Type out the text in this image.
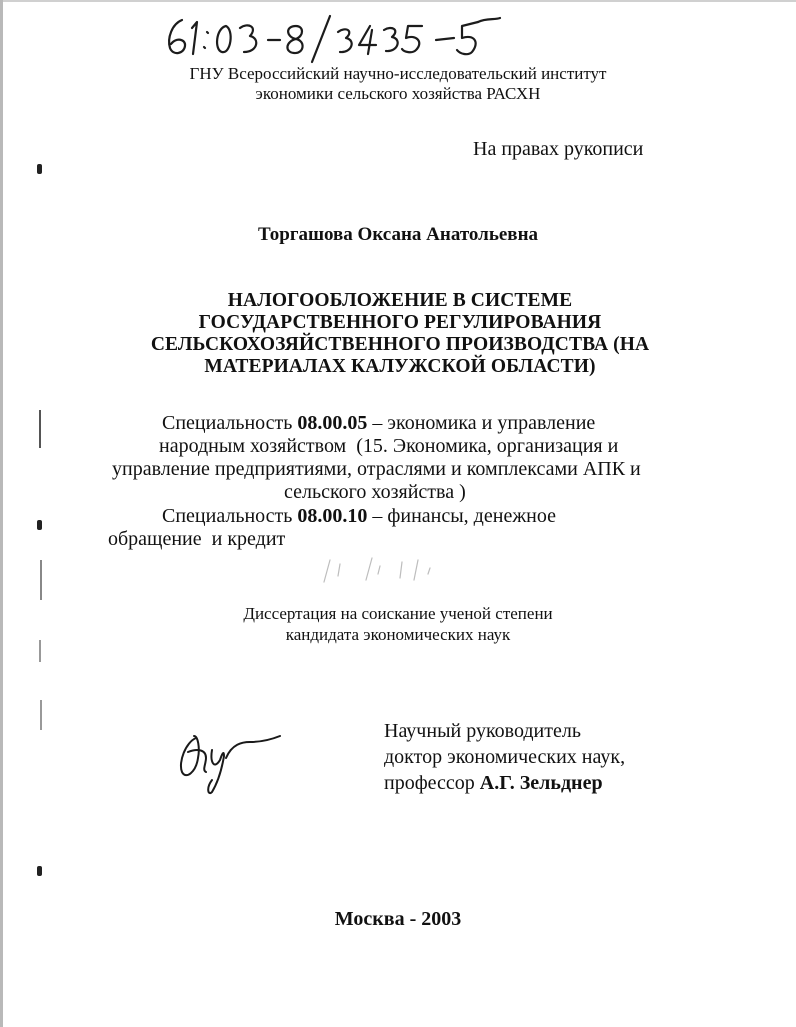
ГНУ Всероссийский научно-исследовательский институт
экономики сельского хозяйства РАСХН
На правах рукописи
Торгашова Оксана Анатольевна
НАЛОГООБЛОЖЕНИЕ В СИСТЕМЕ
ГОСУДАРСТВЕННОГО РЕГУЛИРОВАНИЯ
СЕЛЬСКОХОЗЯЙСТВЕННОГО ПРОИЗВОДСТВА (НА
МАТЕРИАЛАХ КАЛУЖСКОЙ ОБЛАСТИ)
Специальность 08.00.05 – экономика и управление
народным хозяйством  (15. Экономика, организация и
управление предприятиями, отраслями и комплексами АПК и
сельского хозяйства )
Специальность 08.00.10 – финансы, денежное
обращение  и кредит
Диссертация на соискание ученой степени
кандидата экономических наук
Научный руководитель
доктор экономических наук,
профессор А.Г. Зельднер
Москва - 2003
